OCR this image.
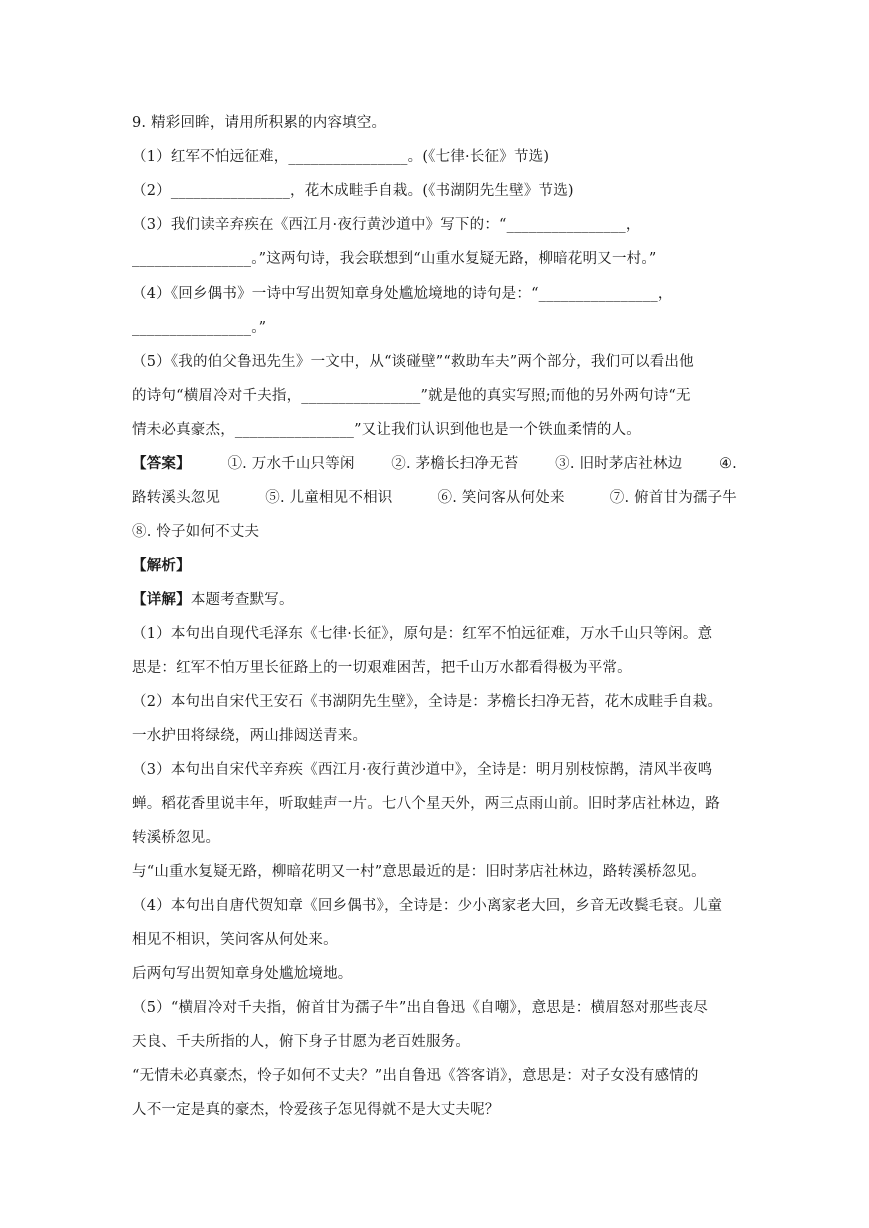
9. 精彩回眸，请用所积累的内容填空。
（1）红军不怕远征难，________________。(《七律·长征》节选)
（2）________________，花木成畦手自栽。(《书湖阴先生壁》节选)
（3）我们读辛弃疾在《西江月·夜行黄沙道中》写下的：“________________，
________________。”这两句诗，我会联想到“山重水复疑无路，柳暗花明又一村。”
（4）《回乡偶书》一诗中写出贺知章身处尴尬境地的诗句是：“________________，
________________。”
（5）《我的伯父鲁迅先生》一文中，从“谈碰壁”“救助车夫”两个部分，我们可以看出他
的诗句“横眉冷对千夫指，________________”就是他的真实写照;而他的另外两句诗“无
情未必真豪杰，________________”又让我们认识到他也是一个铁血柔情的人。
【答案】	①. 万水千山只等闲	②. 茅檐长扫净无苔	③. 旧时茅店社林边	④.
路转溪头忽见	⑤. 儿童相见不相识	⑥. 笑问客从何处来	⑦. 俯首甘为孺子牛
⑧. 怜子如何不丈夫
【解析】
【详解】本题考查默写。
（1）本句出自现代毛泽东《七律·长征》，原句是：红军不怕远征难，万水千山只等闲。意
思是：红军不怕万里长征路上的一切艰难困苦，把千山万水都看得极为平常。
（2）本句出自宋代王安石《书湖阴先生壁》，全诗是：茅檐长扫净无苔，花木成畦手自栽。
一水护田将绿绕，两山排闼送青来。
（3）本句出自宋代辛弃疾《西江月·夜行黄沙道中》，全诗是：明月别枝惊鹊，清风半夜鸣
蝉。稻花香里说丰年，听取蛙声一片。七八个星天外，两三点雨山前。旧时茅店社林边，路
转溪桥忽见。
与“山重水复疑无路，柳暗花明又一村”意思最近的是：旧时茅店社林边，路转溪桥忽见。
（4）本句出自唐代贺知章《回乡偶书》，全诗是：少小离家老大回，乡音无改鬓毛衰。儿童
相见不相识，笑问客从何处来。
后两句写出贺知章身处尴尬境地。
（5）“横眉冷对千夫指，俯首甘为孺子牛”出自鲁迅《自嘲》，意思是：横眉怒对那些丧尽
天良、千夫所指的人，俯下身子甘愿为老百姓服务。
“无情未必真豪杰，怜子如何不丈夫？”出自鲁迅《答客诮》，意思是：对子女没有感情的
人不一定是真的豪杰，怜爱孩子怎见得就不是大丈夫呢？
